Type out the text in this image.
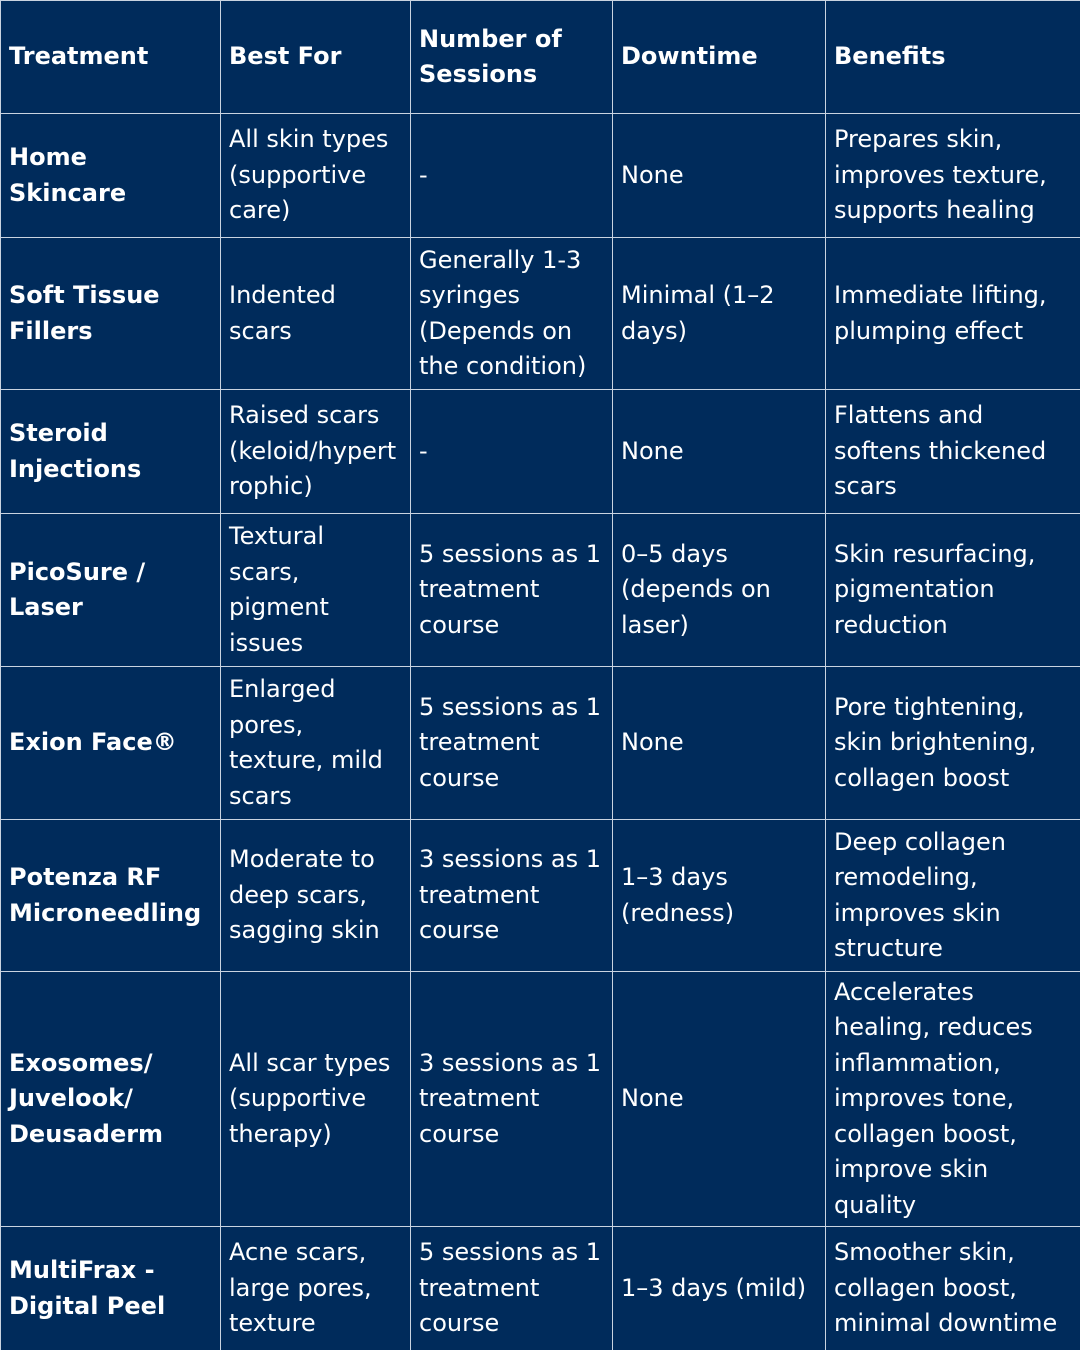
Treatment	Best For	Number of Sessions	Downtime	Benefits
Home Skincare	All skin types (supportive care)	-	None	Prepares skin, improves texture, supports healing
Soft Tissue Fillers	Indented scars	Generally 1-3 syringes (Depends on the condition)	Minimal (1–2 days)	Immediate lifting, plumping effect
Steroid Injections	Raised scars (keloid/hypertrophic)	-	None	Flattens and softens thickened scars
PicoSure / Laser	Textural scars, pigment issues	5 sessions as 1 treatment course	0–5 days (depends on laser)	Skin resurfacing, pigmentation reduction
Exion Face®	Enlarged pores, texture, mild scars	5 sessions as 1 treatment course	None	Pore tightening, skin brightening, collagen boost
Potenza RF Microneedling	Moderate to deep scars, sagging skin	3 sessions as 1 treatment course	1–3 days (redness)	Deep collagen remodeling, improves skin structure
Exosomes/ Juvelook/ Deusaderm	All scar types (supportive therapy)	3 sessions as 1 treatment course	None	Accelerates healing, reduces inflammation, improves tone, collagen boost, improve skin quality
MultiFrax - Digital Peel	Acne scars, large pores, texture	5 sessions as 1 treatment course	1–3 days (mild)	Smoother skin, collagen boost, minimal downtime
